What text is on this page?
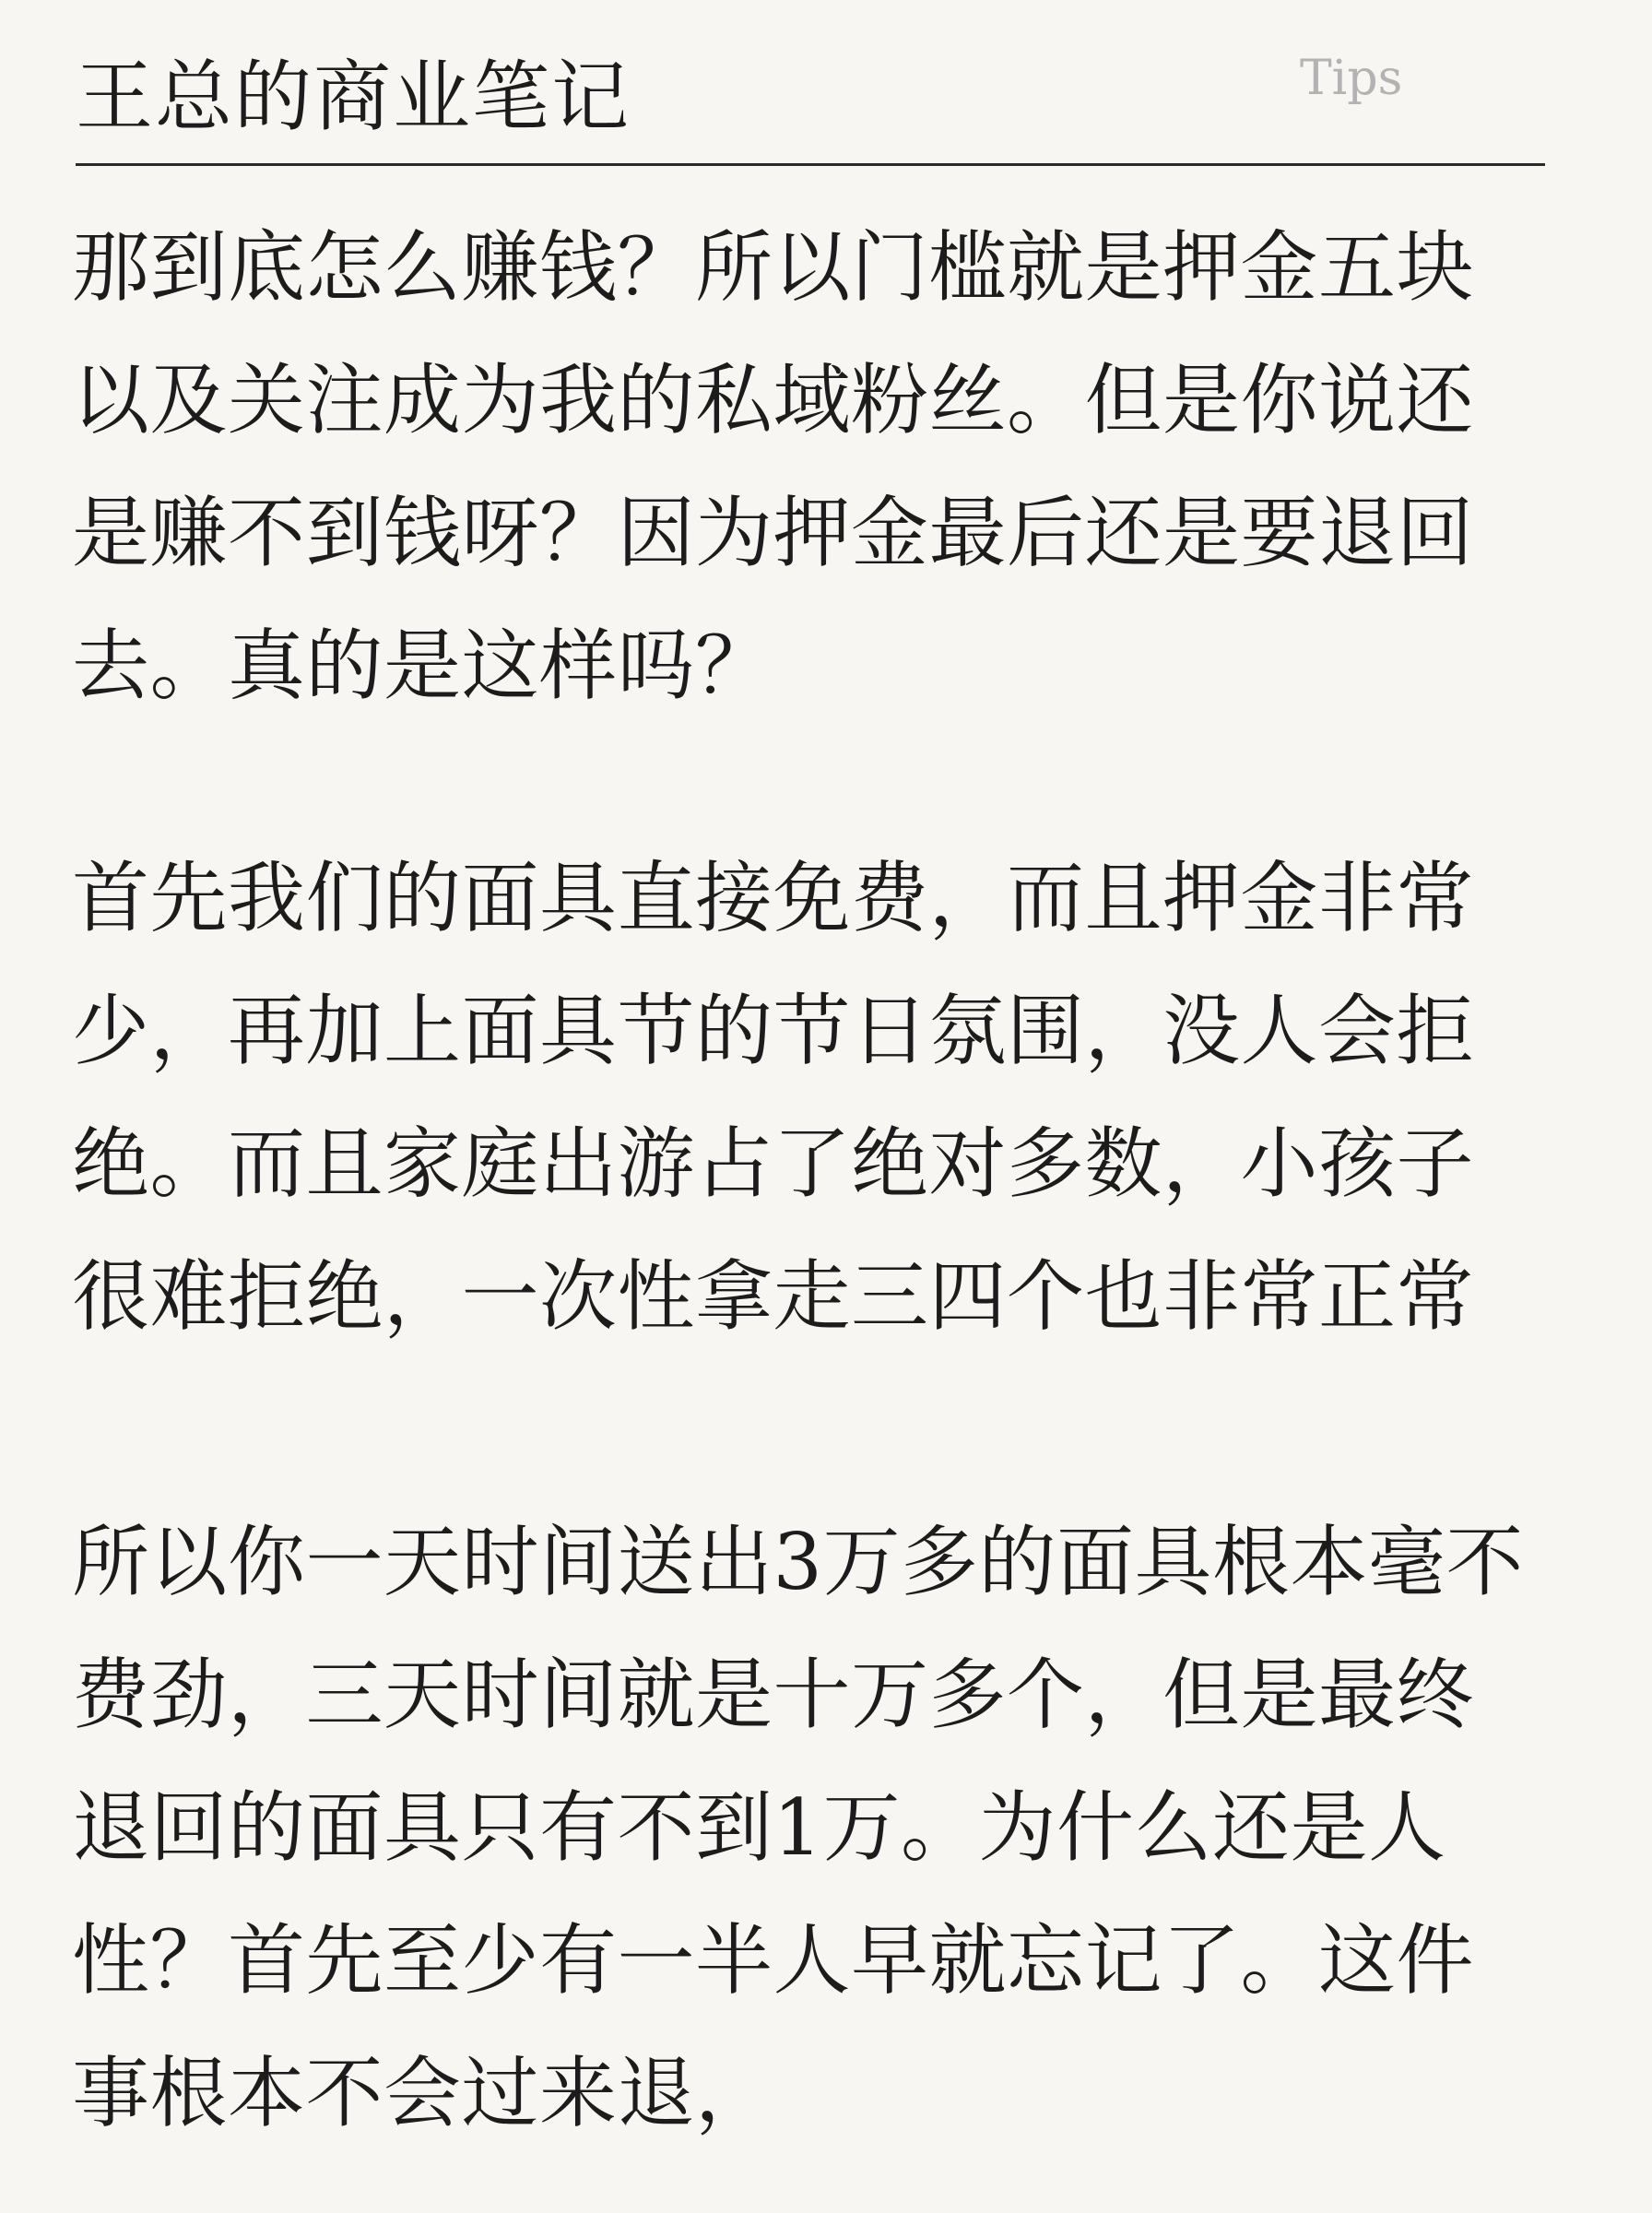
王总的商业笔记	Tips

那到底怎么赚钱？所以门槛就是押金五块
以及关注成为我的私域粉丝。但是你说还
是赚不到钱呀？因为押金最后还是要退回
去。真的是这样吗？

首先我们的面具直接免费，而且押金非常
少，再加上面具节的节日氛围，没人会拒
绝。而且家庭出游占了绝对多数，小孩子
很难拒绝，一次性拿走三四个也非常正常

所以你一天时间送出3万多的面具根本毫不
费劲，三天时间就是十万多个，但是最终
退回的面具只有不到1万。为什么还是人
性？首先至少有一半人早就忘记了。这件
事根本不会过来退，
